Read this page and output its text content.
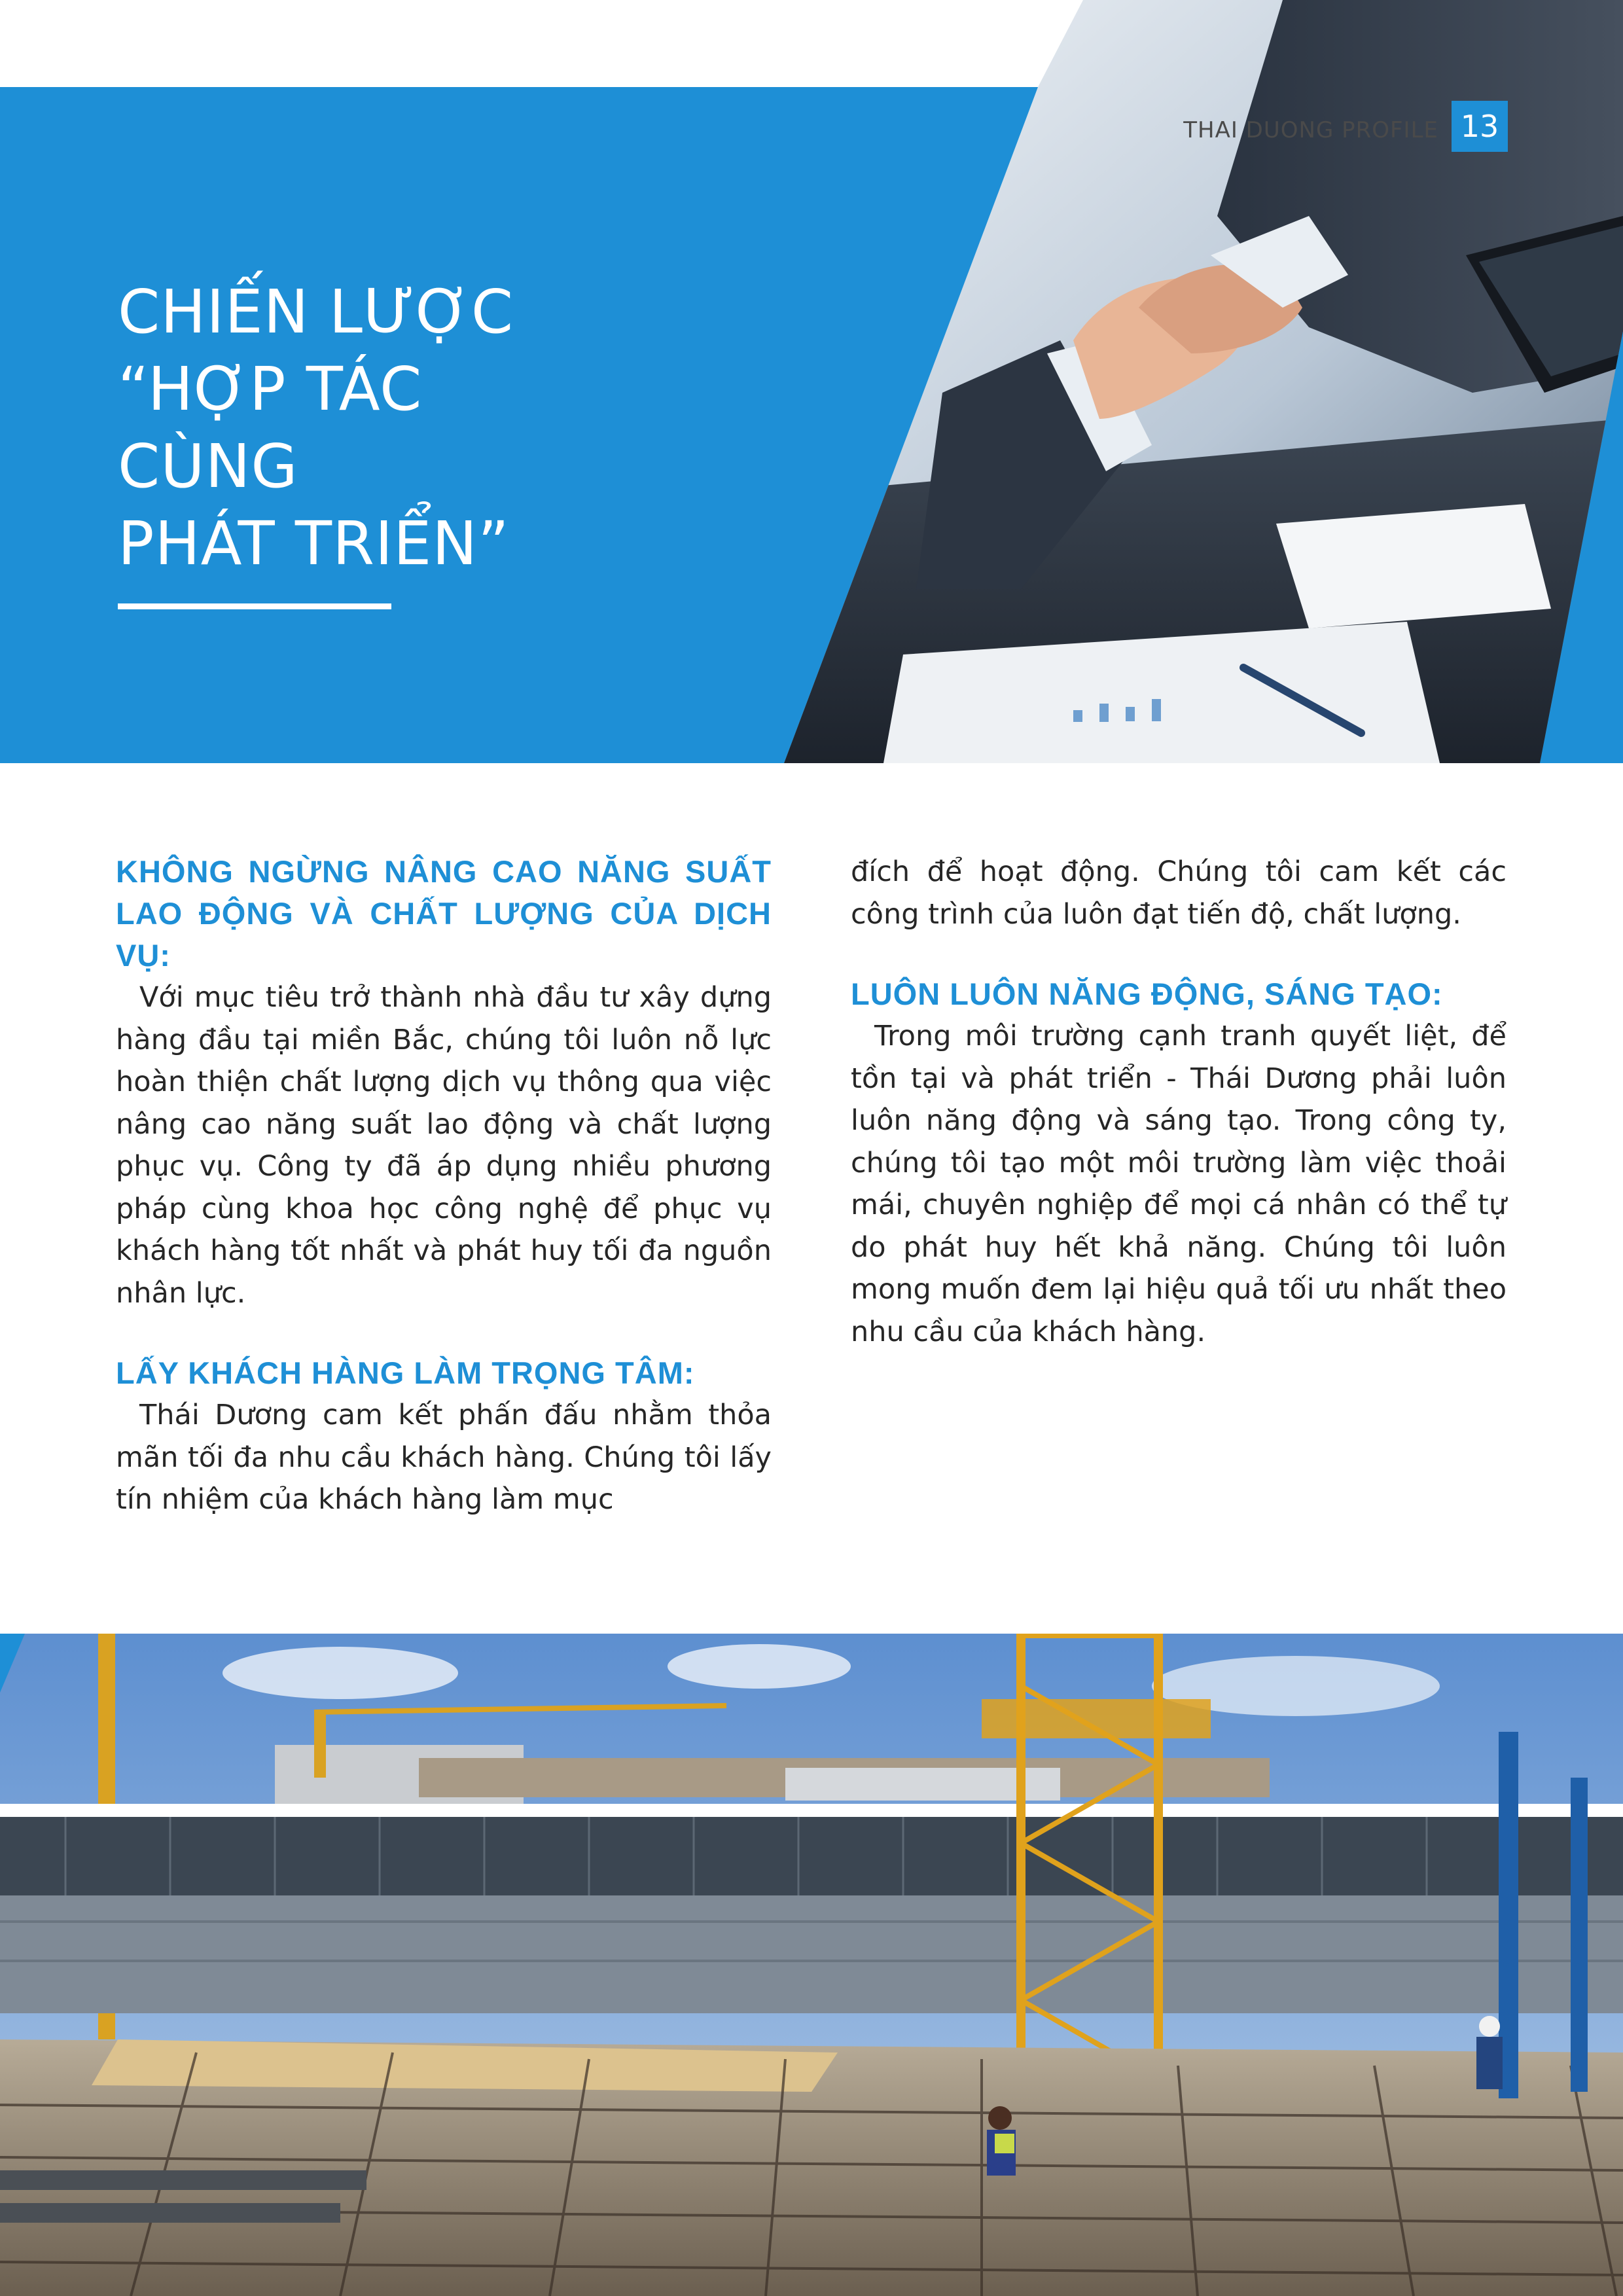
THAI DUONG PROFILE 13
CHIẾN LƯỢC
“HỢP TÁC
CÙNG
PHÁT TRIỂN”
KHÔNG NGỪNG NÂNG CAO NĂNG SUẤT LAO ĐỘNG VÀ CHẤT LƯỢNG CỦA DỊCH VỤ:

Với mục tiêu trở thành nhà đầu tư xây dựng hàng đầu tại miền Bắc, chúng tôi luôn nỗ lực hoàn thiện chất lượng dịch vụ thông qua việc nâng cao năng suất lao động và chất lượng phục vụ. Công ty đã áp dụng nhiều phương pháp cùng khoa học công nghệ để phục vụ khách hàng tốt nhất và phát huy tối đa nguồn nhân lực.

LẤY KHÁCH HÀNG LÀM TRỌNG TÂM:

Thái Dương cam kết phấn đấu nhằm thỏa mãn tối đa nhu cầu khách hàng. Chúng tôi lấy tín nhiệm của khách hàng làm mục

đích để hoạt động. Chúng tôi cam kết các công trình của luôn đạt tiến độ, chất lượng.

LUÔN LUÔN NĂNG ĐỘNG, SÁNG TẠO:

Trong môi trường cạnh tranh quyết liệt, để tồn tại và phát triển - Thái Dương phải luôn luôn năng động và sáng tạo. Trong công ty, chúng tôi tạo một môi trường làm việc thoải mái, chuyên nghiệp để mọi cá nhân có thể tự do phát huy hết khả năng. Chúng tôi luôn mong muốn đem lại hiệu quả tối ưu nhất theo nhu cầu của khách hàng.
